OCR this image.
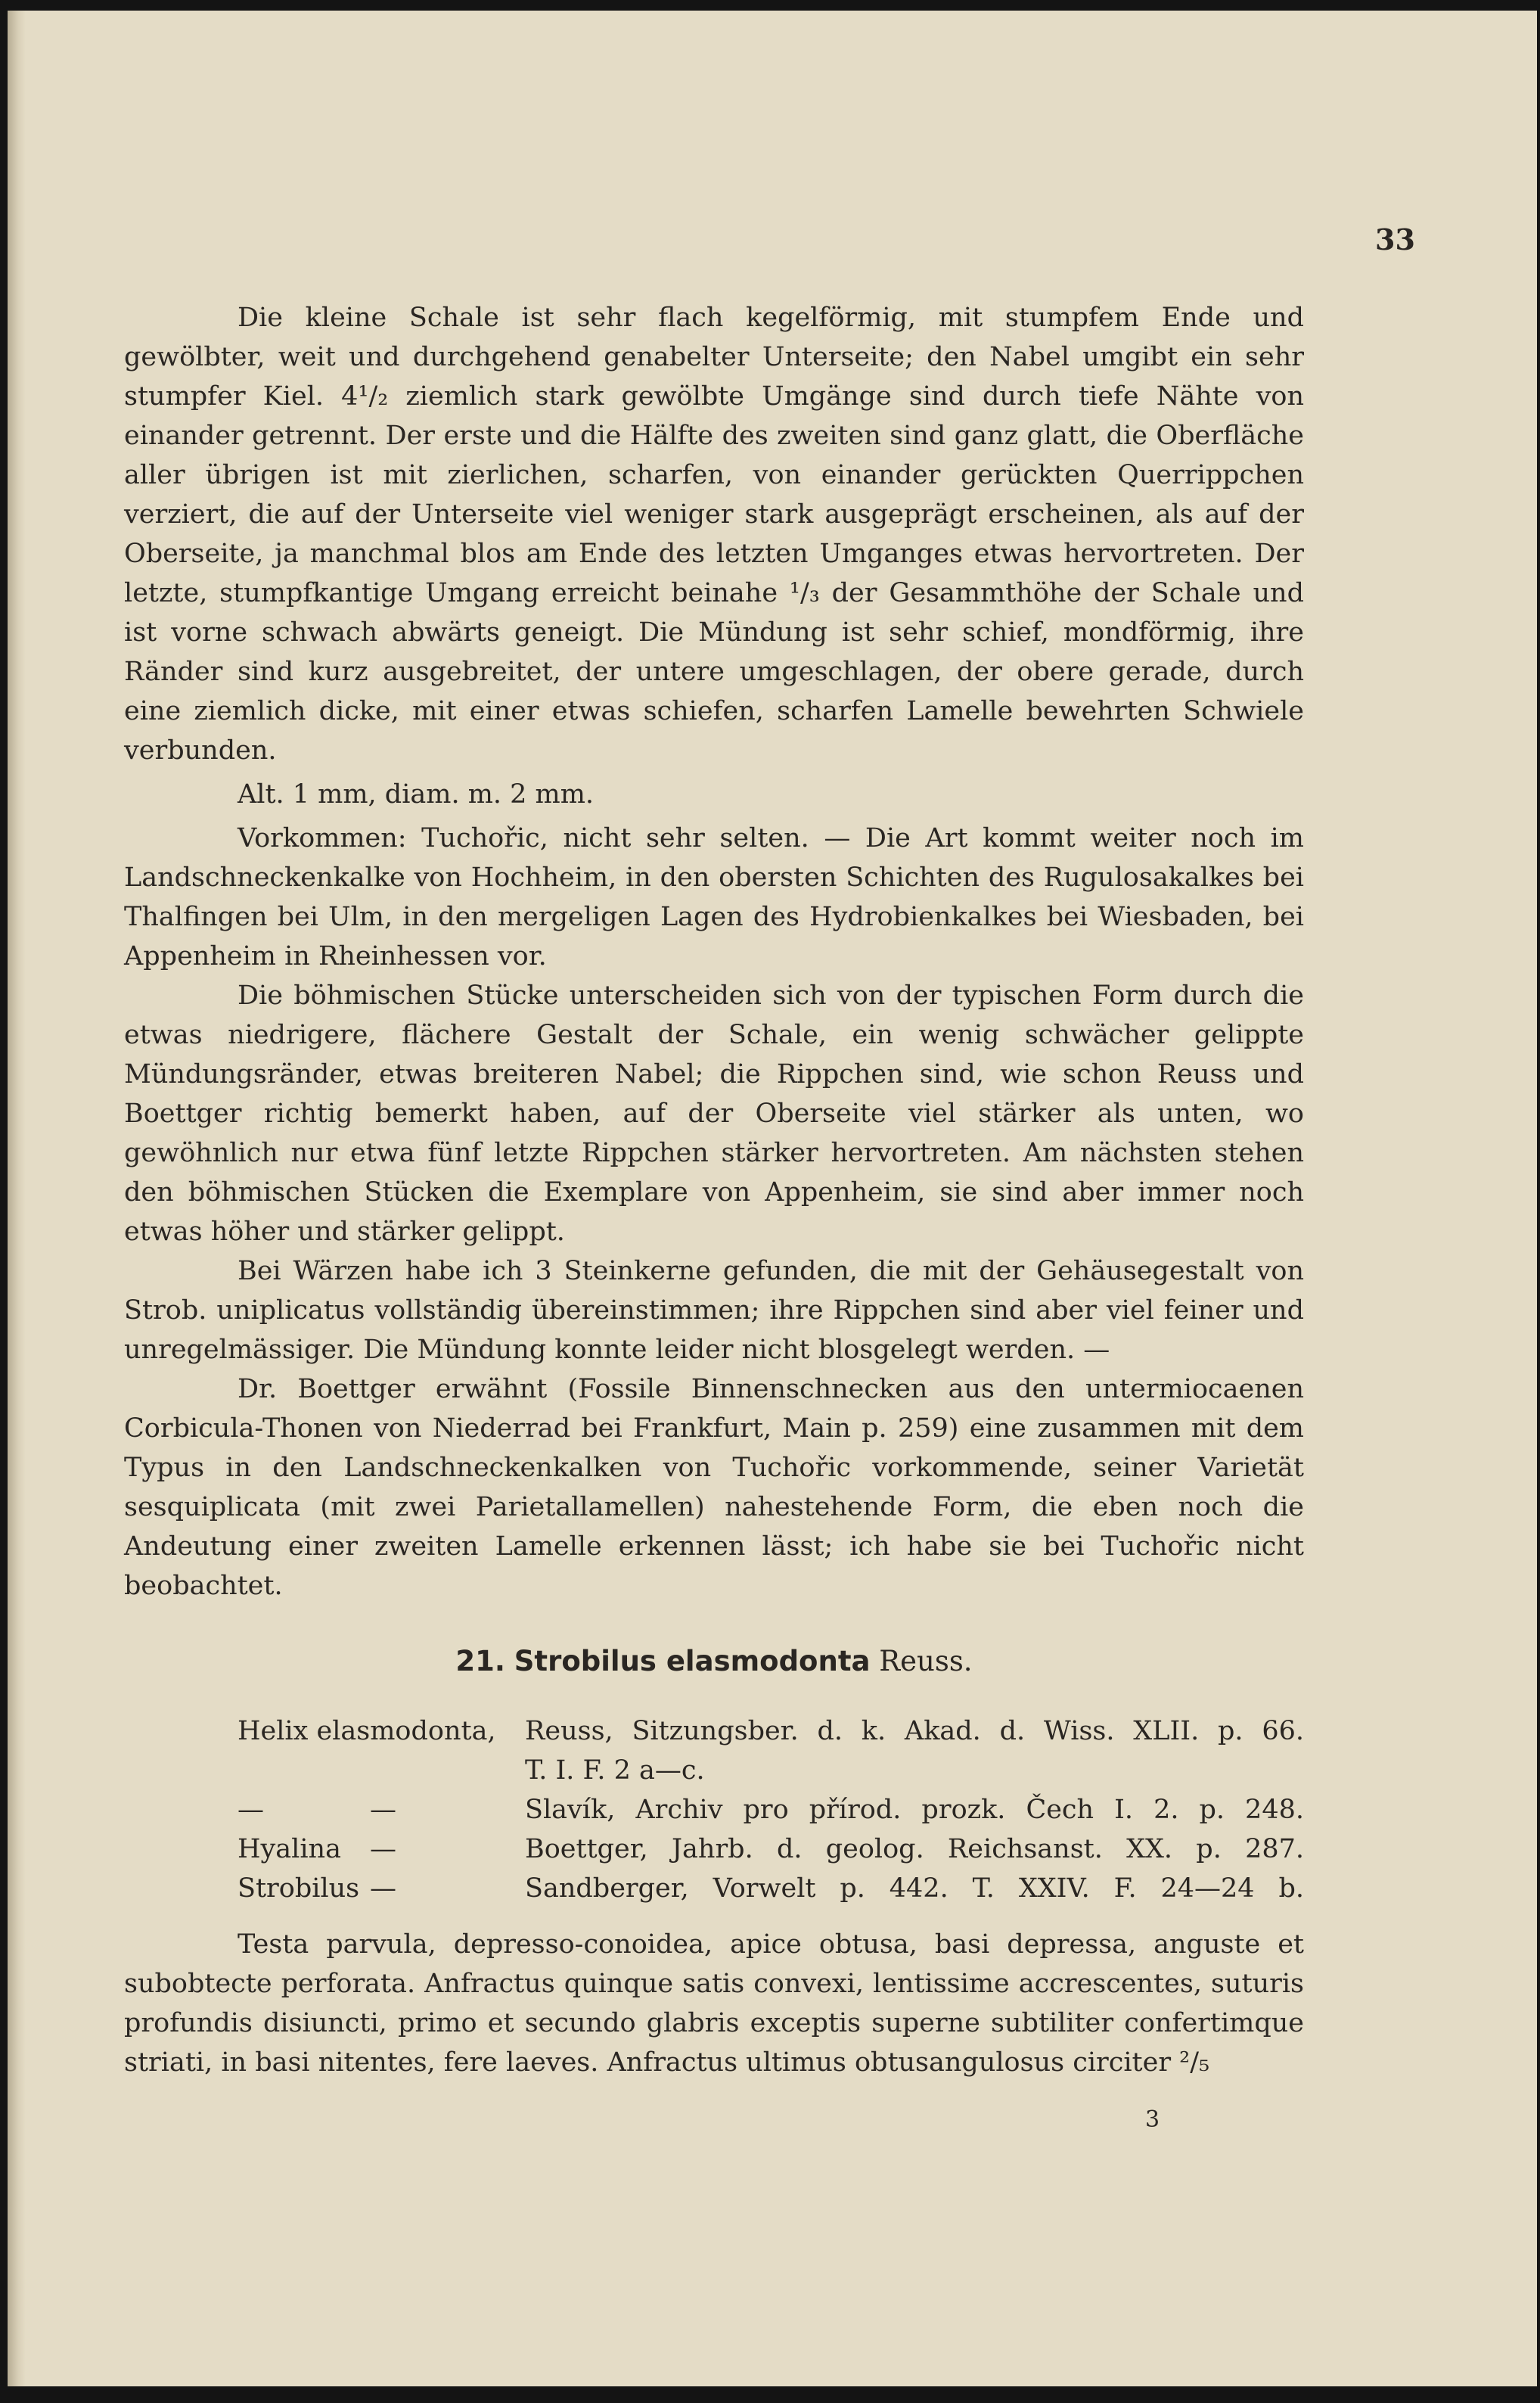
33

Die kleine Schale ist sehr flach kegelförmig, mit stumpfem Ende und gewölbter, weit und durchgehend genabelter Unterseite; den Nabel umgibt ein sehr stumpfer Kiel. 4¹/₂ ziemlich stark gewölbte Umgänge sind durch tiefe Nähte von einander getrennt. Der erste und die Hälfte des zweiten sind ganz glatt, die Oberfläche aller übrigen ist mit zierlichen, scharfen, von einander gerückten Querrippchen verziert, die auf der Unterseite viel weniger stark ausgeprägt erscheinen, als auf der Oberseite, ja manchmal blos am Ende des letzten Umganges etwas hervortreten. Der letzte, stumpfkantige Umgang erreicht beinahe ¹/₃ der Gesammthöhe der Schale und ist vorne schwach abwärts geneigt. Die Mündung ist sehr schief, mondförmig, ihre Ränder sind kurz ausgebreitet, der untere umgeschlagen, der obere gerade, durch eine ziemlich dicke, mit einer etwas schiefen, scharfen Lamelle bewehrten Schwiele verbunden.

Alt. 1 mm, diam. m. 2 mm.

Vorkommen: Tuchořic, nicht sehr selten. — Die Art kommt weiter noch im Landschneckenkalke von Hochheim, in den obersten Schichten des Rugulosakalkes bei Thalfingen bei Ulm, in den mergeligen Lagen des Hydrobienkalkes bei Wiesbaden, bei Appenheim in Rheinhessen vor.

Die böhmischen Stücke unterscheiden sich von der typischen Form durch die etwas niedrigere, flächere Gestalt der Schale, ein wenig schwächer gelippte Mündungsränder, etwas breiteren Nabel; die Rippchen sind, wie schon Reuss und Boettger richtig bemerkt haben, auf der Oberseite viel stärker als unten, wo gewöhnlich nur etwa fünf letzte Rippchen stärker hervortreten. Am nächsten stehen den böhmischen Stücken die Exemplare von Appenheim, sie sind aber immer noch etwas höher und stärker gelippt.

Bei Wärzen habe ich 3 Steinkerne gefunden, die mit der Gehäusegestalt von Strob. uniplicatus vollständig übereinstimmen; ihre Rippchen sind aber viel feiner und unregelmässiger. Die Mündung konnte leider nicht blosgelegt werden. —

Dr. Boettger erwähnt (Fossile Binnenschnecken aus den untermiocaenen Corbicula-Thonen von Niederrad bei Frankfurt, Main p. 259) eine zusammen mit dem Typus in den Landschneckenkalken von Tuchořic vorkommende, seiner Varietät sesquiplicata (mit zwei Parietallamellen) nahestehende Form, die eben noch die Andeutung einer zweiten Lamelle erkennen lässt; ich habe sie bei Tuchořic nicht beobachtet.

21. Strobilus elasmodonta Reuss.
Helix elasmodonta, Reuss, Sitzungsber. d. k. Akad. d. Wiss. XLII. p. 66.
T. I. F. 2 a—c.
—	—	Slavík, Archiv pro přírod. prozk. Čech I. 2. p. 248.
Hyalina —	Boettger, Jahrb. d. geolog. Reichsanst. XX. p. 287.
Strobilus —	Sandberger, Vorwelt p. 442. T. XXIV. F. 24—24 b.

Testa parvula, depresso-conoidea, apice obtusa, basi depressa, anguste et subobtecte perforata. Anfractus quinque satis convexi, lentissime accrescentes, suturis profundis disiuncti, primo et secundo glabris exceptis superne subtiliter confertimque striati, in basi nitentes, fere laeves. Anfractus ultimus obtusangulosus circiter ²/₅

3
